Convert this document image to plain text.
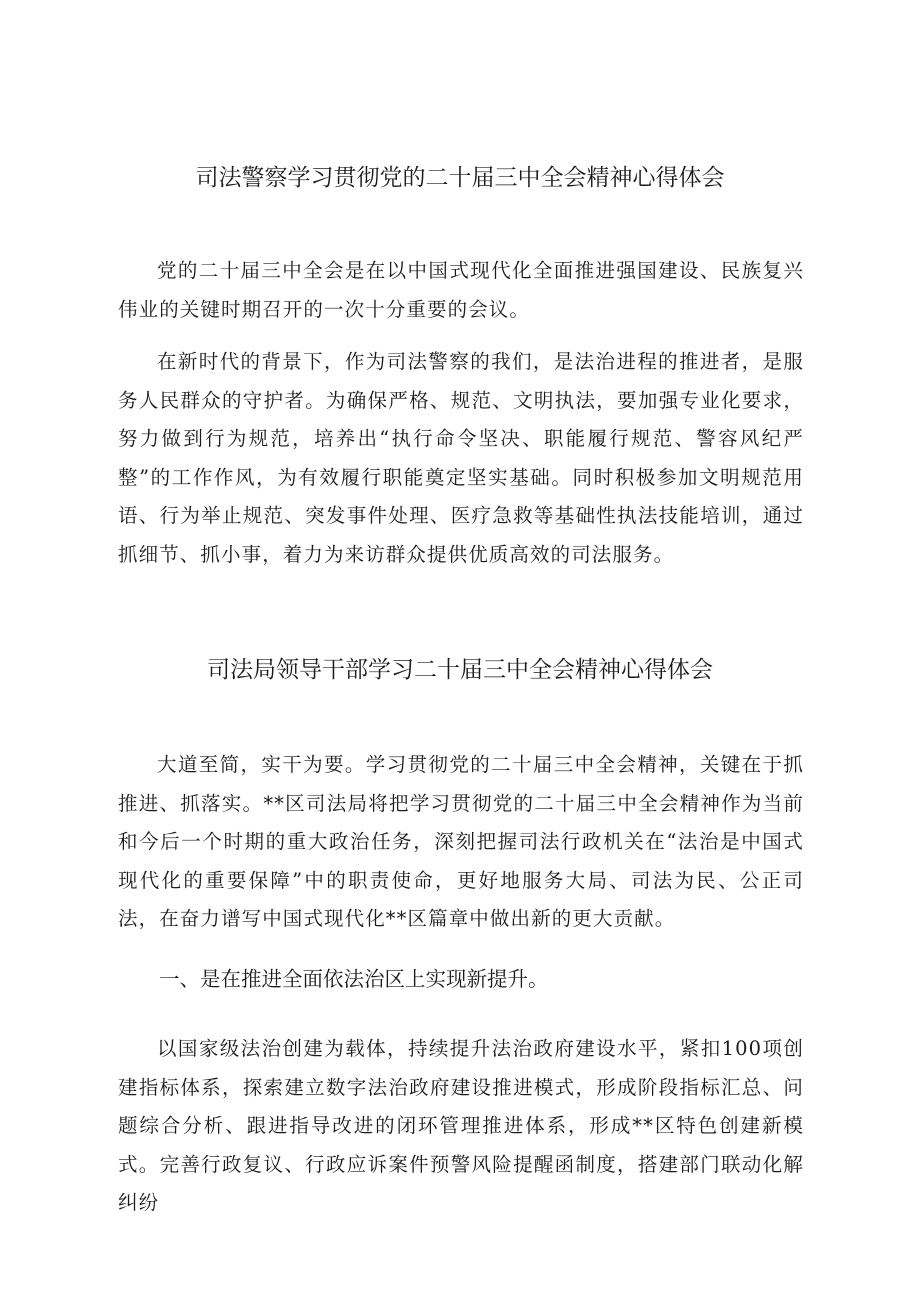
司法警察学习贯彻党的二十届三中全会精神心得体会

党的二十届三中全会是在以中国式现代化全面推进强国建设、民族复兴伟业的关键时期召开的一次十分重要的会议。

在新时代的背景下，作为司法警察的我们，是法治进程的推进者，是服务人民群众的守护者。为确保严格、规范、文明执法，要加强专业化要求，努力做到行为规范，培养出“执行命令坚决、职能履行规范、警容风纪严整”的工作作风，为有效履行职能奠定坚实基础。同时积极参加文明规范用语、行为举止规范、突发事件处理、医疗急救等基础性执法技能培训，通过抓细节、抓小事，着力为来访群众提供优质高效的司法服务。

司法局领导干部学习二十届三中全会精神心得体会

大道至简，实干为要。学习贯彻党的二十届三中全会精神，关键在于抓推进、抓落实。**区司法局将把学习贯彻党的二十届三中全会精神作为当前和今后一个时期的重大政治任务，深刻把握司法行政机关在“法治是中国式现代化的重要保障”中的职责使命，更好地服务大局、司法为民、公正司法，在奋力谱写中国式现代化**区篇章中做出新的更大贡献。

一、是在推进全面依法治区上实现新提升。

以国家级法治创建为载体，持续提升法治政府建设水平，紧扣100项创建指标体系，探索建立数字法治政府建设推进模式，形成阶段指标汇总、问题综合分析、跟进指导改进的闭环管理推进体系，形成**区特色创建新模式。完善行政复议、行政应诉案件预警风险提醒函制度，搭建部门联动化解纠纷
